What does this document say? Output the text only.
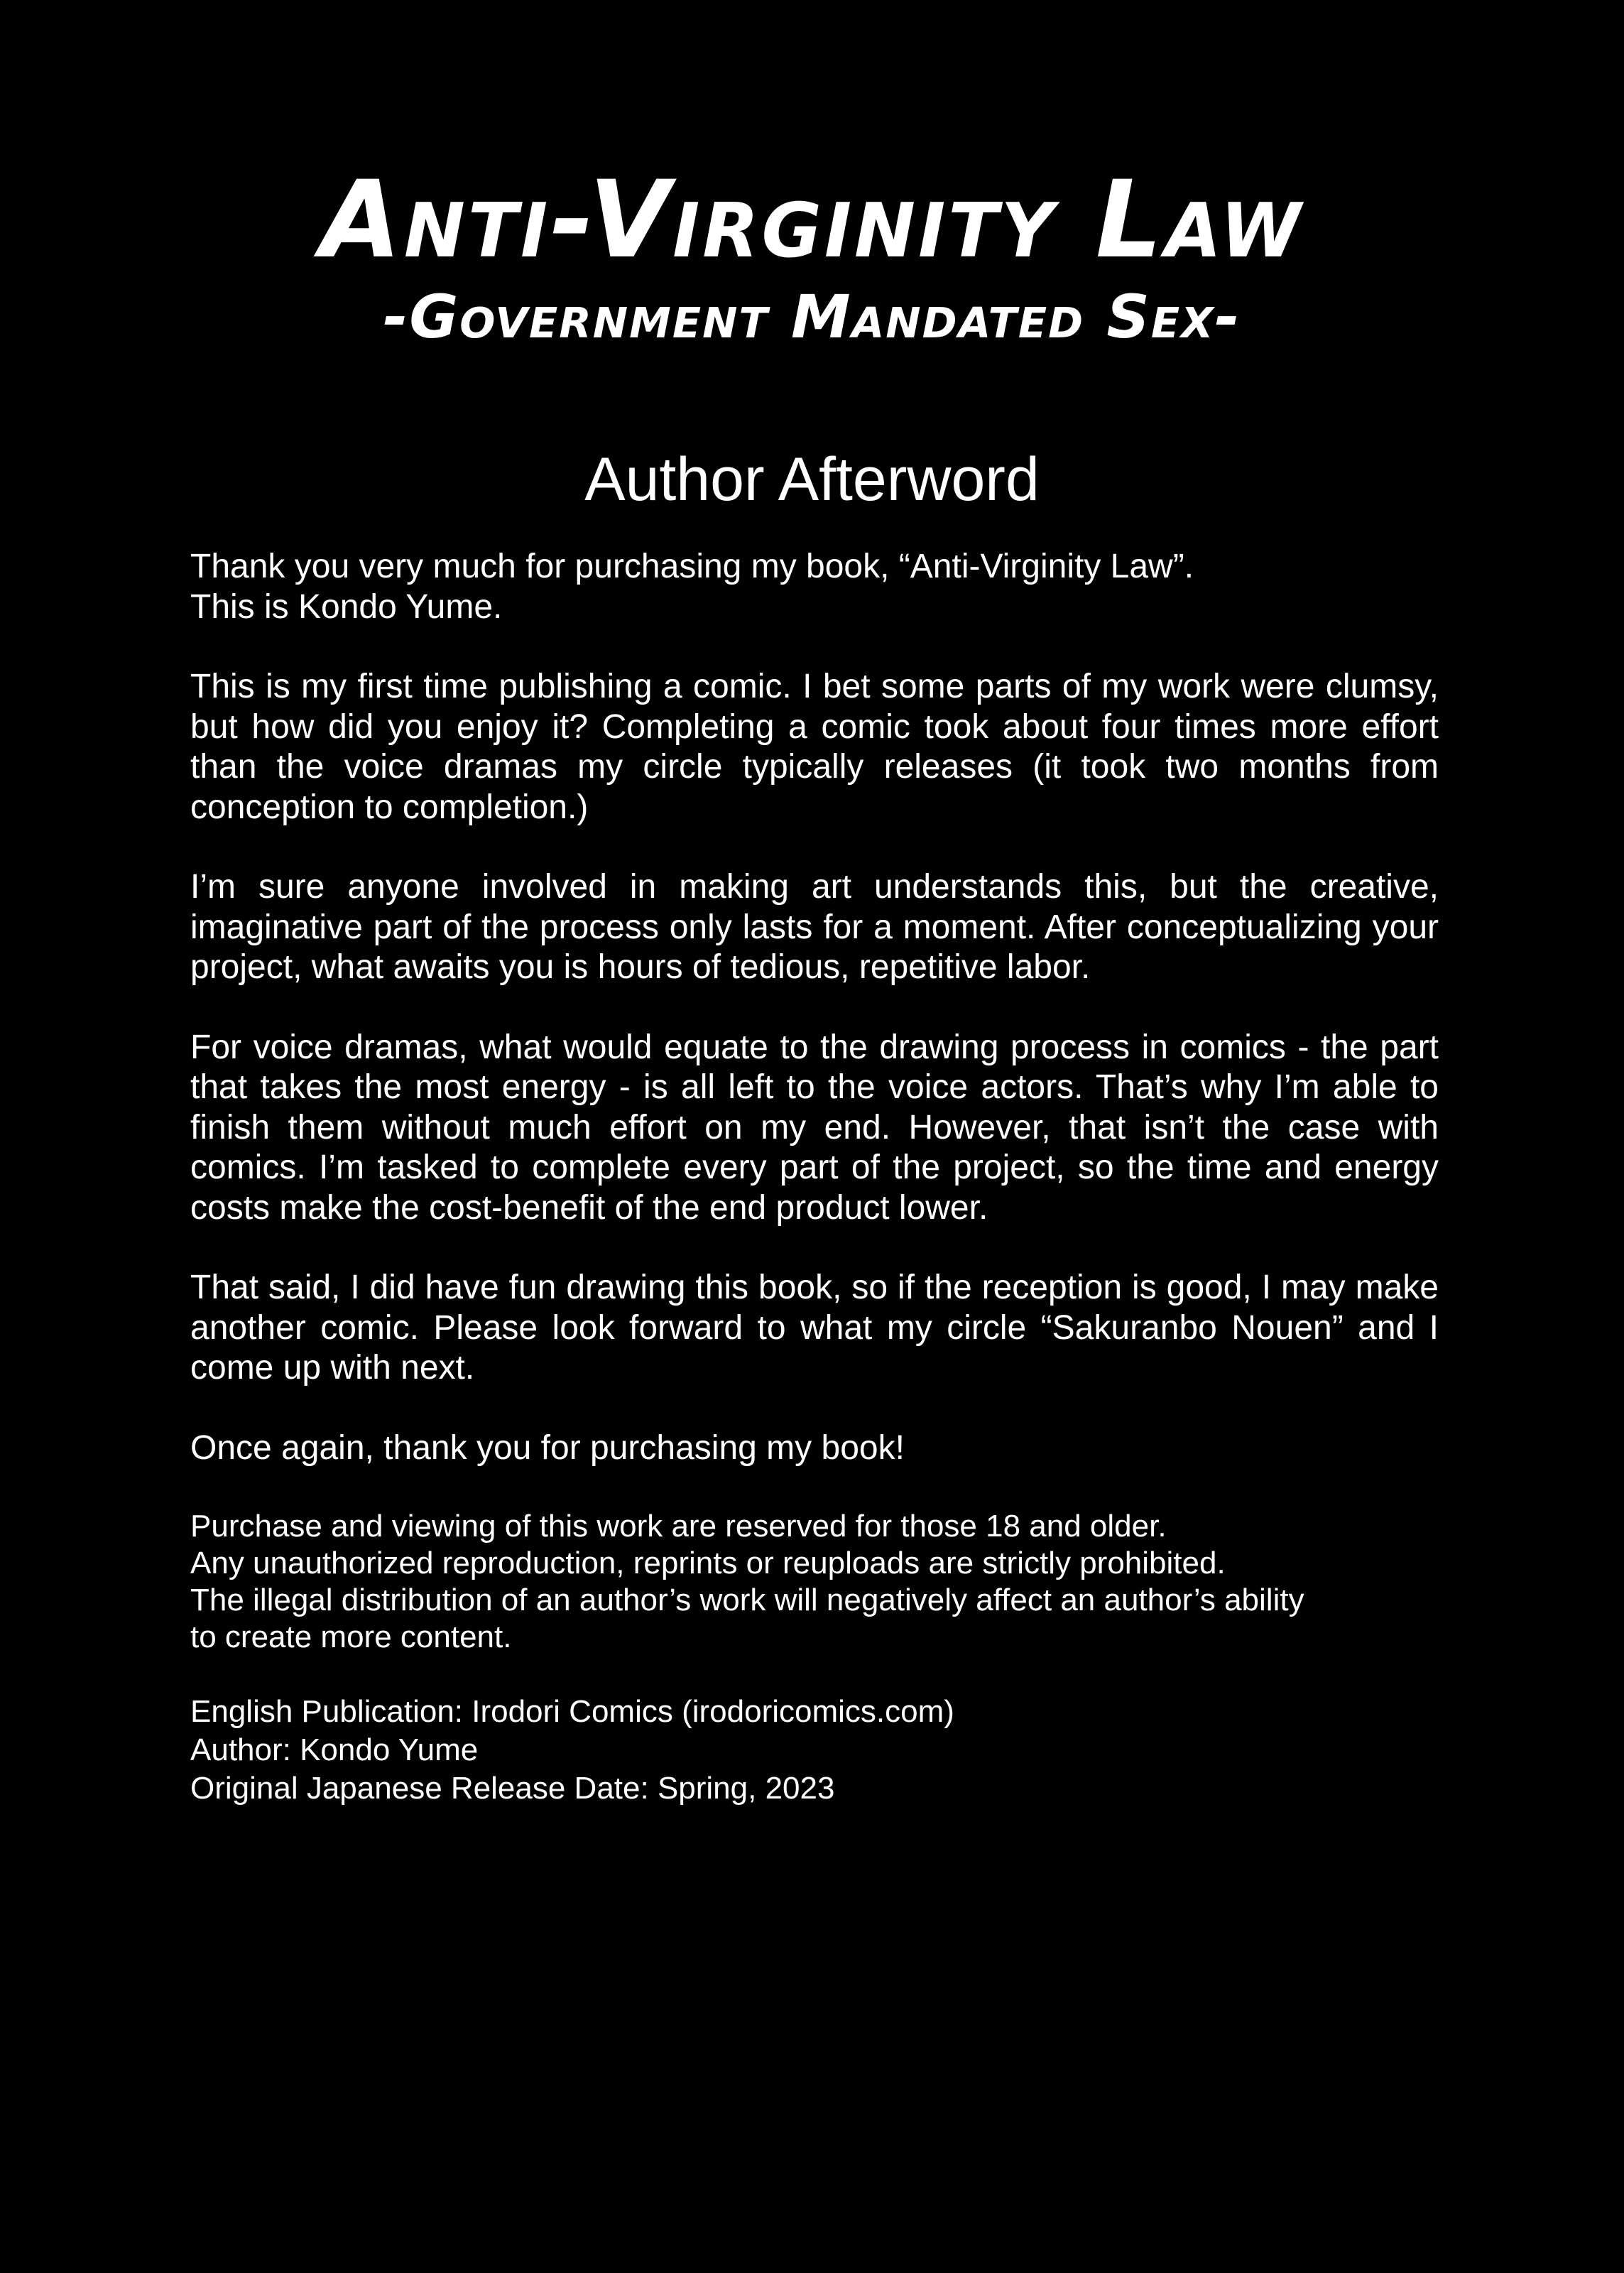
Anti-Virginity Law
-Government Mandated Sex-
Author Afterword

Thank you very much for purchasing my book, “Anti-Virginity Law”.
This is Kondo Yume.

This is my first time publishing a comic. I bet some parts of my work were clumsy, but how did you enjoy it? Completing a comic took about four times more effort than the voice dramas my circle typically releases (it took two months from conception to completion.)

I’m sure anyone involved in making art understands this, but the creative, imaginative part of the process only lasts for a moment. After conceptualizing your project, what awaits you is hours of tedious, repetitive labor.

For voice dramas, what would equate to the drawing process in comics - the part that takes the most energy - is all left to the voice actors. That’s why I’m able to finish them without much effort on my end. However, that isn’t the case with comics. I’m tasked to complete every part of the project, so the time and energy costs make the cost-benefit of the end product lower.

That said, I did have fun drawing this book, so if the reception is good, I may make another comic. Please look forward to what my circle “Sakuranbo Nouen” and I come up with next.

Once again, thank you for purchasing my book!

Purchase and viewing of this work are reserved for those 18 and older.
Any unauthorized reproduction, reprints or reuploads are strictly prohibited.
The illegal distribution of an author’s work will negatively affect an author’s ability
to create more content.

English Publication: Irodori Comics (irodoricomics.com)
Author: Kondo Yume
Original Japanese Release Date: Spring, 2023
